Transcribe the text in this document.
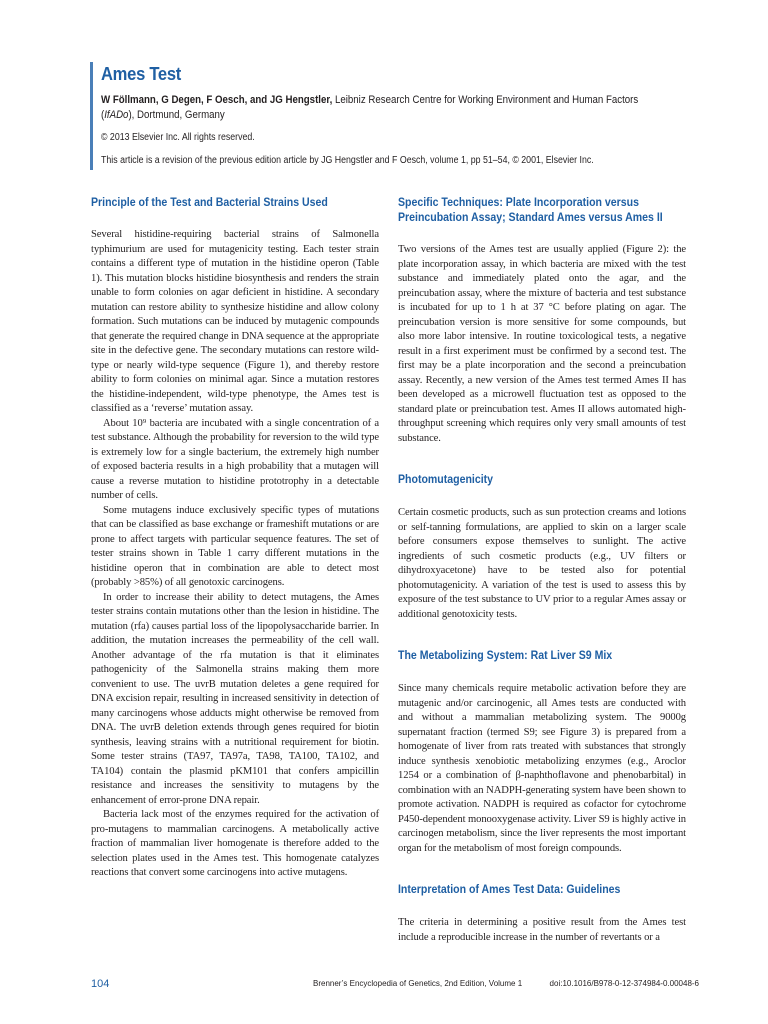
Ames Test

W Föllmann, G Degen, F Oesch, and JG Hengstler, Leibniz Research Centre for Working Environment and Human Factors
(IfADo), Dortmund, Germany

© 2013 Elsevier Inc. All rights reserved.

This article is a revision of the previous edition article by JG Hengstler and F Oesch, volume 1, pp 51–54, © 2001, Elsevier Inc.

Principle of the Test and Bacterial Strains Used

Several histidine-requiring bacterial strains of Salmonella typhimurium are used for mutagenicity testing. Each tester strain contains a different type of mutation in the histidine operon (Table 1). This mutation blocks histidine biosynthesis and renders the strain unable to form colonies on agar deficient in histidine. A secondary mutation can restore ability to synthesize histidine and allow colony formation. Such mutations can be induced by mutagenic compounds that generate the required change in DNA sequence at the appropriate site in the defective gene. The secondary mutations can restore wild-type or nearly wild-type sequence (Figure 1), and thereby restore ability to form colonies on minimal agar. Since a mutation restores the histidine-independent, wild-type phenotype, the Ames test is classified as a ‘reverse’ mutation assay.

About 10⁹ bacteria are incubated with a single concentration of a test substance. Although the probability for reversion to the wild type is extremely low for a single bacterium, the extremely high number of exposed bacteria results in a high probability that a mutagen will cause a reverse mutation to histidine prototrophy in a detectable number of cells.

Some mutagens induce exclusively specific types of mutations that can be classified as base exchange or frameshift mutations or are prone to affect targets with particular sequence features. The set of tester strains shown in Table 1 carry different mutations in the histidine operon that in combination are able to detect most (probably >85%) of all genotoxic carcinogens.

In order to increase their ability to detect mutagens, the Ames tester strains contain mutations other than the lesion in histidine. The mutation (rfa) causes partial loss of the lipopolysaccharide barrier. In addition, the mutation increases the permeability of the cell wall. Another advantage of the rfa mutation is that it eliminates pathogenicity of the Salmonella strains making them more convenient to use. The uvrB mutation deletes a gene required for DNA excision repair, resulting in increased sensitivity in detection of many carcinogens whose adducts might otherwise be removed from DNA. The uvrB deletion extends through genes required for biotin synthesis, leaving strains with a nutritional requirement for biotin. Some tester strains (TA97, TA97a, TA98, TA100, TA102, and TA104) contain the plasmid pKM101 that confers ampicillin resistance and increases the sensitivity to mutagens by the enhancement of error-prone DNA repair.

Bacteria lack most of the enzymes required for the activation of pro-mutagens to mammalian carcinogens. A metabolically active fraction of mammalian liver homogenate is therefore added to the selection plates used in the Ames test. This homogenate catalyzes reactions that convert some carcinogens into active mutagens.

Specific Techniques: Plate Incorporation versus Preincubation Assay; Standard Ames versus Ames II

Two versions of the Ames test are usually applied (Figure 2): the plate incorporation assay, in which bacteria are mixed with the test substance and immediately plated onto the agar, and the preincubation assay, where the mixture of bacteria and test substance is incubated for up to 1 h at 37 °C before plating on agar. The preincubation version is more sensitive for some compounds, but also more labor intensive. In routine toxicological tests, a negative result in a first experiment must be confirmed by a second test. The first may be a plate incorporation and the second a preincubation assay. Recently, a new version of the Ames test termed Ames II has been developed as a microwell fluctuation test as opposed to the standard plate or preincubation test. Ames II allows automated high-throughput screening which requires only very small amounts of test substance.

Photomutagenicity

Certain cosmetic products, such as sun protection creams and lotions or self-tanning formulations, are applied to skin on a larger scale before consumers expose themselves to sunlight. The active ingredients of such cosmetic products (e.g., UV filters or dihydroxyacetone) have to be tested also for potential photomutagenicity. A variation of the test is used to assess this by exposure of the test substance to UV prior to a regular Ames assay or additional genotoxicity tests.

The Metabolizing System: Rat Liver S9 Mix

Since many chemicals require metabolic activation before they are mutagenic and/or carcinogenic, all Ames tests are conducted with and without a mammalian metabolizing system. The 9000g supernatant fraction (termed S9; see Figure 3) is prepared from a homogenate of liver from rats treated with substances that strongly induce synthesis xenobiotic metabolizing enzymes (e.g., Aroclor 1254 or a combination of β-naphthoflavone and phenobarbital) in combination with an NADPH-generating system have been shown to promote activation. NADPH is required as cofactor for cytochrome P450-dependent monooxygenase activity. Liver S9 is highly active in carcinogen metabolism, since the liver represents the most important organ for the metabolism of most foreign compounds.

Interpretation of Ames Test Data: Guidelines

The criteria in determining a positive result from the Ames test include a reproducible increase in the number of revertants or a

104	Brenner’s Encyclopedia of Genetics, 2nd Edition, Volume 1	doi:10.1016/B978-0-12-374984-0.00048-6
